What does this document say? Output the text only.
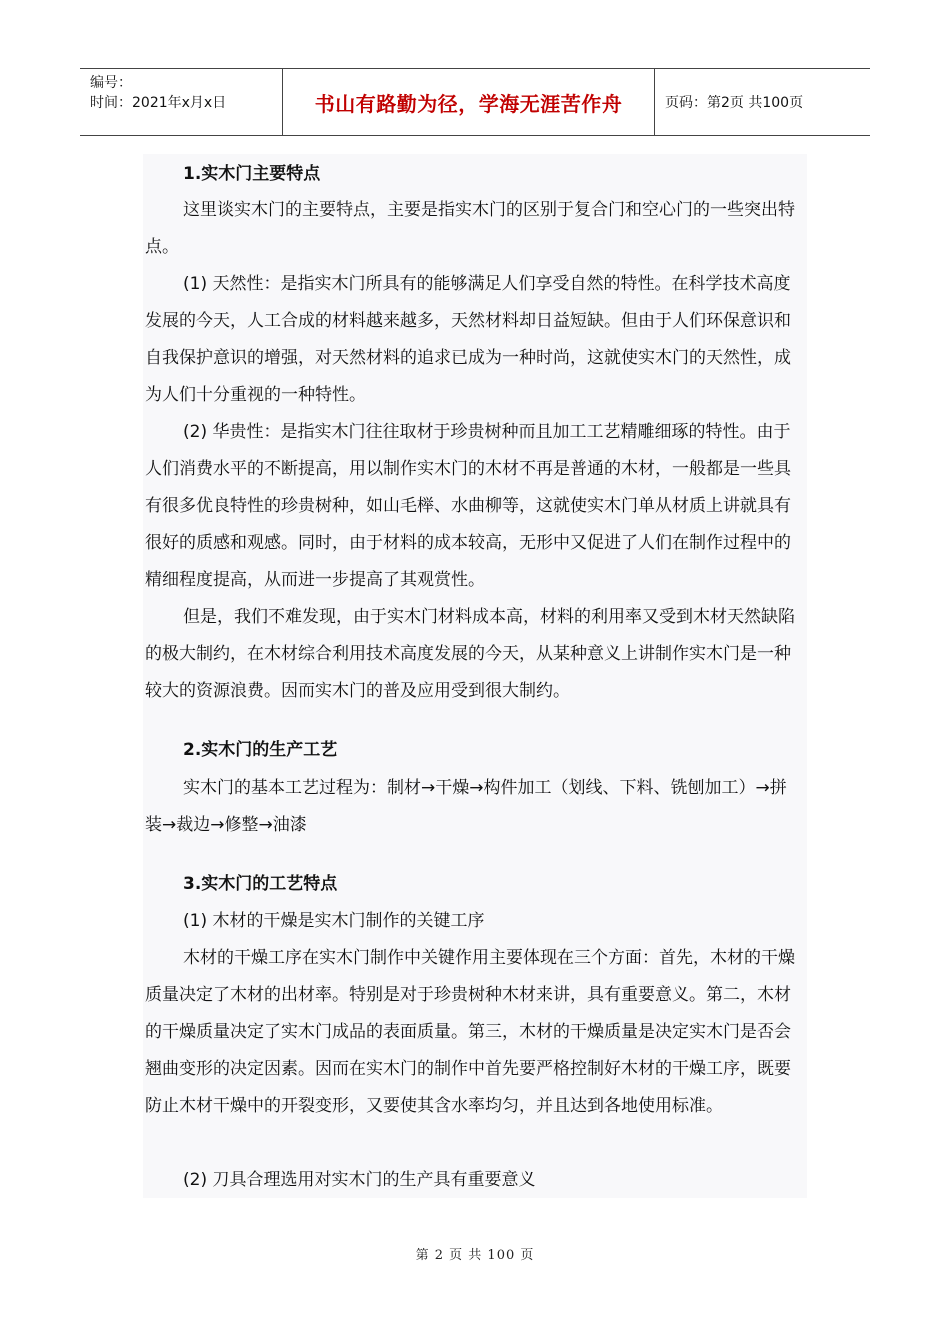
编号：
时间：2021年x月x日	书山有路勤为径，学海无涯苦作舟	页码：第2页 共100页

1.实木门主要特点

这里谈实木门的主要特点，主要是指实木门的区别于复合门和空心门的一些突出特点。

(1) 天然性：是指实木门所具有的能够满足人们享受自然的特性。在科学技术高度发展的今天，人工合成的材料越来越多，天然材料却日益短缺。但由于人们环保意识和自我保护意识的增强，对天然材料的追求已成为一种时尚，这就使实木门的天然性，成为人们十分重视的一种特性。

(2) 华贵性：是指实木门往往取材于珍贵树种而且加工工艺精雕细琢的特性。由于人们消费水平的不断提高，用以制作实木门的木材不再是普通的木材，一般都是一些具有很多优良特性的珍贵树种，如山毛榉、水曲柳等，这就使实木门单从材质上讲就具有很好的质感和观感。同时，由于材料的成本较高，无形中又促进了人们在制作过程中的精细程度提高，从而进一步提高了其观赏性。

但是，我们不难发现，由于实木门材料成本高，材料的利用率又受到木材天然缺陷的极大制约，在木材综合利用技术高度发展的今天，从某种意义上讲制作实木门是一种较大的资源浪费。因而实木门的普及应用受到很大制约。

2.实木门的生产工艺

实木门的基本工艺过程为：制材→干燥→构件加工（划线、下料、铣刨加工）→拼装→裁边→修整→油漆

3.实木门的工艺特点

(1) 木材的干燥是实木门制作的关键工序

木材的干燥工序在实木门制作中关键作用主要体现在三个方面：首先，木材的干燥质量决定了木材的出材率。特别是对于珍贵树种木材来讲，具有重要意义。第二，木材的干燥质量决定了实木门成品的表面质量。第三，木材的干燥质量是决定实木门是否会翘曲变形的决定因素。因而在实木门的制作中首先要严格控制好木材的干燥工序，既要防止木材干燥中的开裂变形，又要使其含水率均匀，并且达到各地使用标准。

(2) 刀具合理选用对实木门的生产具有重要意义

第 2 页 共 100 页
